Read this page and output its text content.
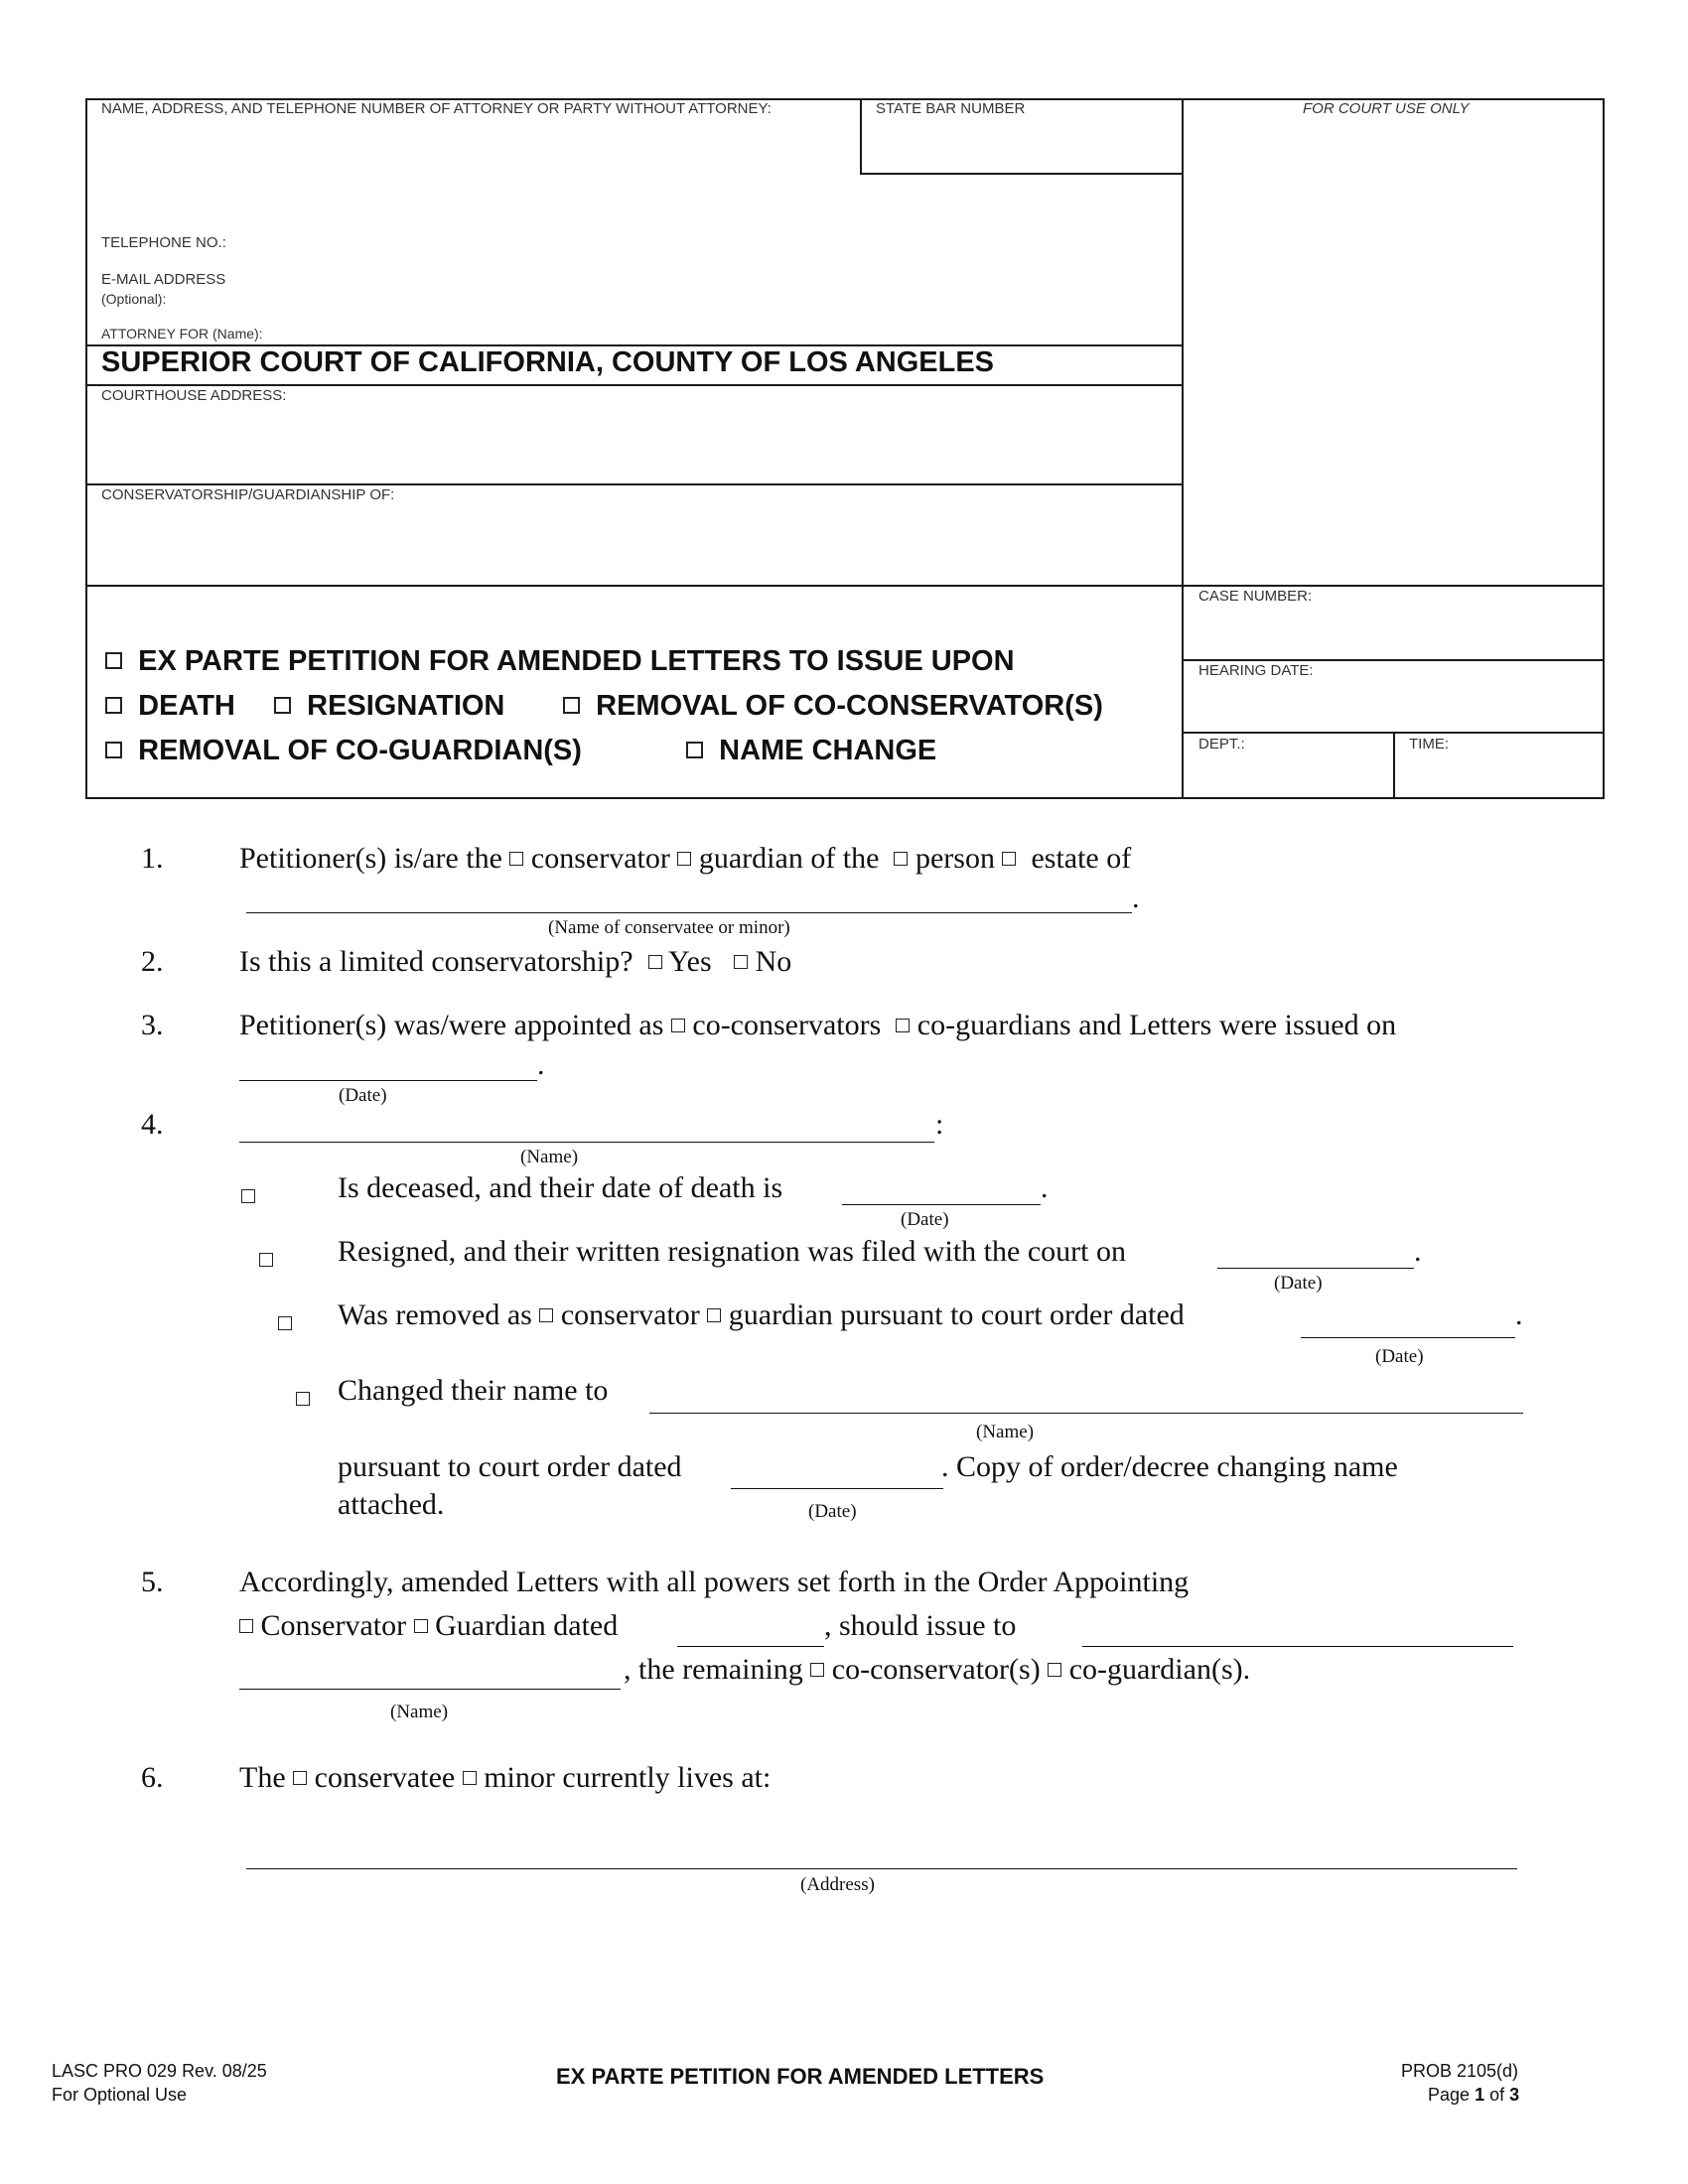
NAME, ADDRESS, AND TELEPHONE NUMBER OF ATTORNEY OR PARTY WITHOUT ATTORNEY:	STATE BAR NUMBER	FOR COURT USE ONLY
TELEPHONE NO.:
E-MAIL ADDRESS
(Optional):
ATTORNEY FOR (Name):
SUPERIOR COURT OF CALIFORNIA, COUNTY OF LOS ANGELES
COURTHOUSE ADDRESS:
CONSERVATORSHIP/GUARDIANSHIP OF:
CASE NUMBER:
HEARING DATE:
DEPT.:	TIME:
EX PARTE PETITION FOR AMENDED LETTERS TO ISSUE UPON
DEATH	RESIGNATION	REMOVAL OF CO-CONSERVATOR(S)
REMOVAL OF CO-GUARDIAN(S)	NAME CHANGE
1.	Petitioner(s) is/are the conservator guardian of the person estate of
.
(Name of conservatee or minor)
2.	Is this a limited conservatorship? Yes No
3.	Petitioner(s) was/were appointed as co-conservators co-guardians and Letters were issued on
.
(Date)
4.	:
(Name)

Is deceased, and their date of death is	.
(Date)

Resigned, and their written resignation was filed with the court on	.
(Date)

Was removed as conservator guardian pursuant to court order dated	.
(Date)
Changed their name to
(Name)
pursuant to court order dated	. Copy of order/decree changing name
attached.	(Date)
5.	Accordingly, amended Letters with all powers set forth in the Order Appointing
Conservator Guardian dated	, should issue to
, the remaining co-conservator(s) co-guardian(s).
(Name)
6.	The conservatee minor currently lives at:
(Address)
LASC PRO 029 Rev. 08/25
For Optional Use
EX PARTE PETITION FOR AMENDED LETTERS	PROB 2105(d)
Page 1 of 3
